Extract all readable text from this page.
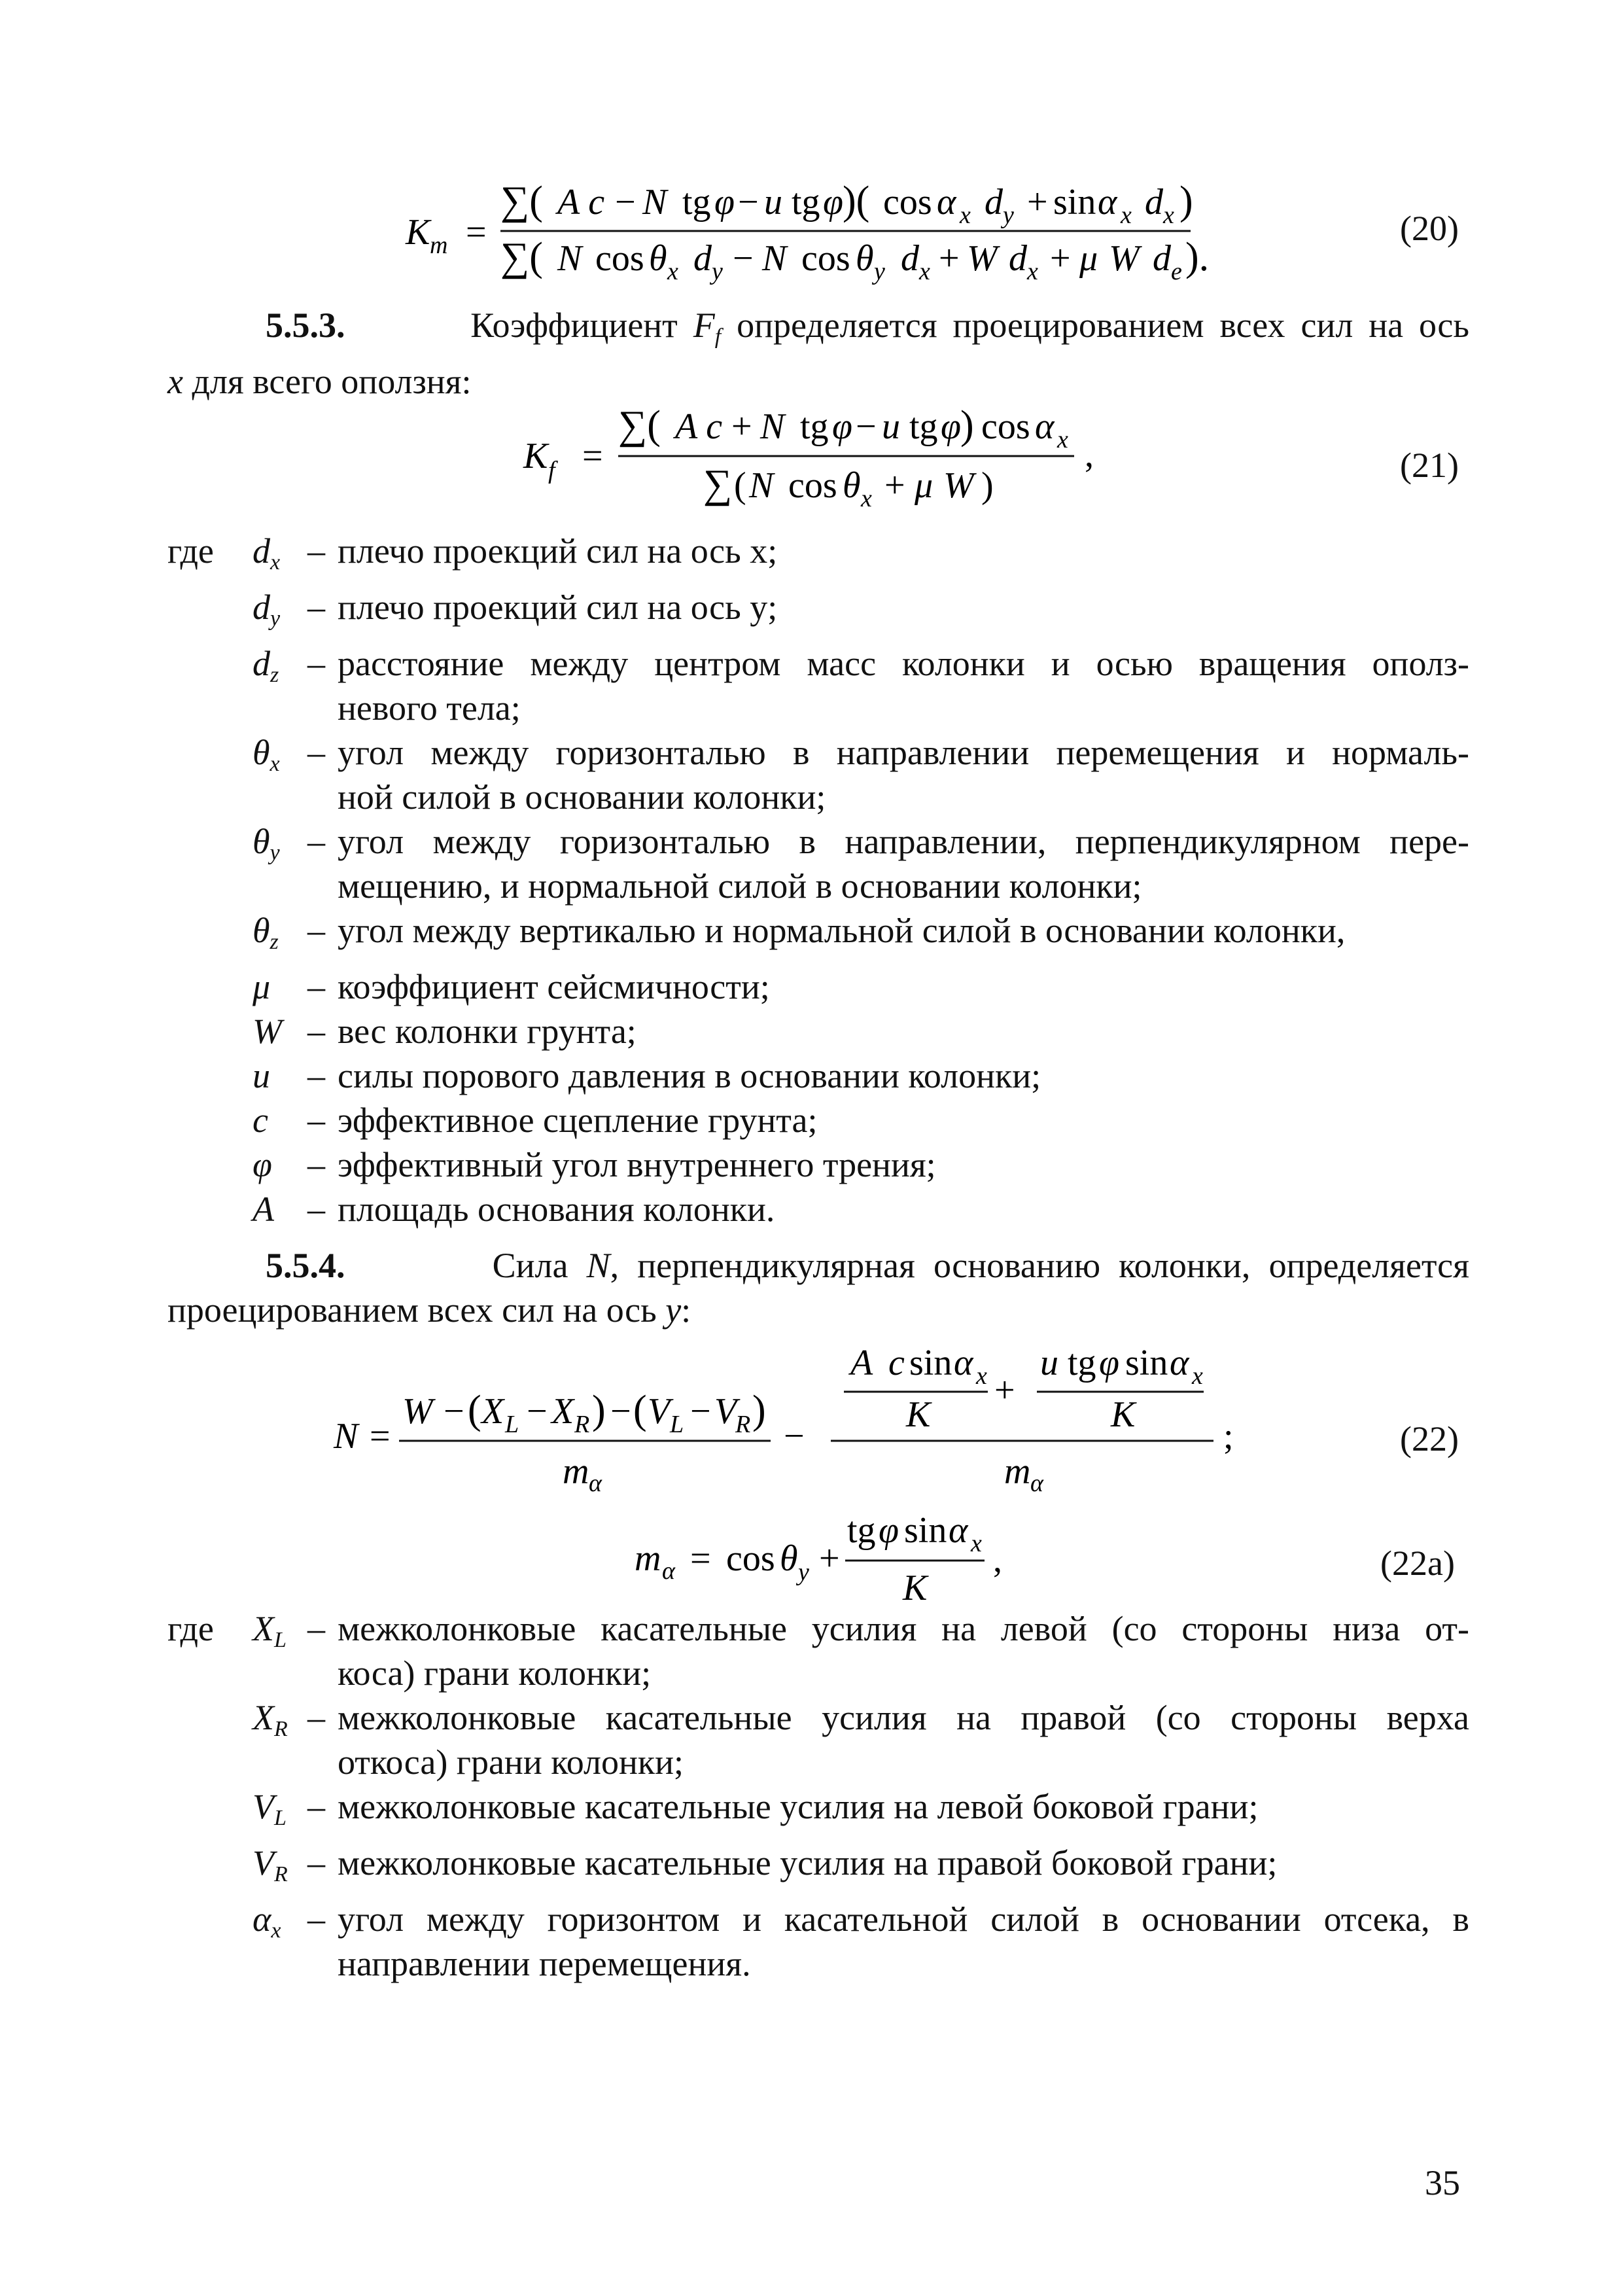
K m =
∑( A c − N tg φ − u tg φ )( cos α x d y + sin α x d x )
∑( N cos θ x d y − N cos θ y d x + W d x + μ W d e ).
(20)
5.5.3.	Коэффициент $F_f$ определяется проецированием всех сил на ось
x для всего оползня:
K f =
∑( A c + N tg φ − u tg φ ) cos α x
∑ ( N cos θ x + μ W )
,	(21)
где	$d_x$ – плечо проекций сил на ось x;
$d_y$ – плечо проекций сил на ось y;
$d_z$ – расстояние между центром масс колонки и осью вращения ополз-
невого тела;
$\theta_x$ – угол между горизонталью в направлении перемещения и нормаль-
ной силой в основании колонки;
$\theta_y$ – угол между горизонталью в направлении, перпендикулярном пере-
мещению, и нормальной силой в основании колонки;
$\theta_z$ – угол между вертикалью и нормальной силой в основании колонки,
μ	– коэффициент сейсмичности;
W – вес колонки грунта;
u	– силы порового давления в основании колонки;
c	– эффективное сцепление грунта;
φ	– эффективный угол внутреннего трения;
A – площадь основания колонки.
5.5.4.	Сила N, перпендикулярная основанию колонки, определяется
проецированием всех сил на ось y:
N =
W − ( X L − X R ) − ( V L − V
R )
m α
−
A c sin α x
K
+
u tg φ sin α x
K
m α
;	(22)
m α = cos θ y +
tg φ sin α x
K
,	(22a)
где	$X_L$ – межколонковые касательные усилия на левой (со стороны низа от-
коса) грани колонки;
$X_R$ – межколонковые касательные усилия на правой (со стороны верха
откоса) грани колонки;
$V_L$ – межколонковые касательные усилия на левой боковой грани;
$V_R$ – межколонковые касательные усилия на правой боковой грани;
$\alpha_x$ – угол между горизонтом и касательной силой в основании отсека, в
направлении перемещения.
35
